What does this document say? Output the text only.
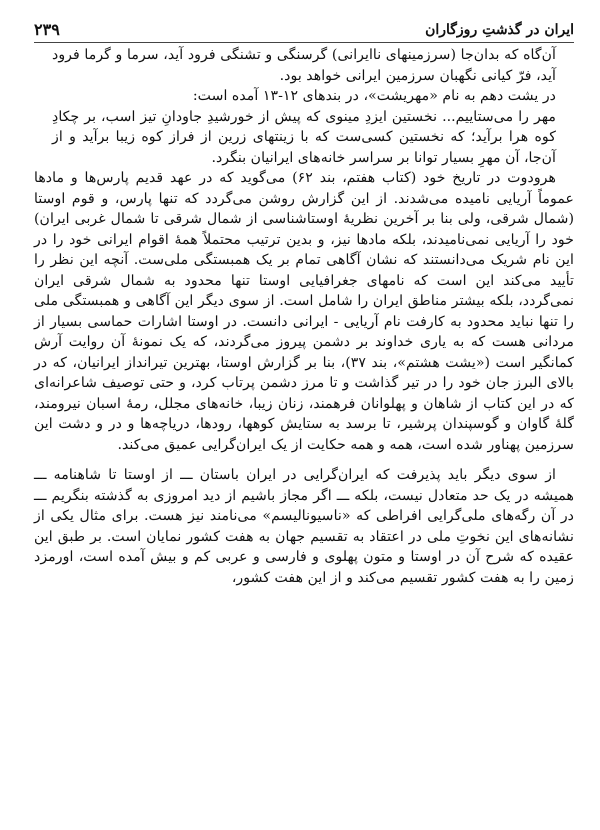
ایران در گذشتِ روزگاران
۲۳۹

آن‌گاه که بدان‌جا (سرزمینهای ناایرانی) گرسنگی و تشنگی فرود آید، سرما و گرما فرود آید، فرّ کیانی نگهبان سرزمین ایرانی خواهد بود.

در یشت دهم به نام «مهریشت»، در بندهای ۱۲-۱۳ آمده است:

مهر را می‌ستاییم... نخستین ایزدِ مینوی که پیش از خورشیدِ جاودانِ تیز اسب، بر چکادِ کوه هرا برآید؛ که نخستین کسی‌ست که با زینتهای زرین از فراز کوه زیبا برآید و از آن‌جا، آن مهرِ بسیار توانا بر سراسر خانه‌های ایرانیان بنگرد.

هرودوت در تاریخ خود (کتاب هفتم، بند ۶۲) می‌گوید که در عهد قدیم پارس‌ها و مادها عموماً آریایی نامیده می‌شدند. از این گزارش روشن می‌گردد که تنها پارس، و قوم اوستا (شمال شرقی، ولی بنا بر آخرین نظریهٔ اوستاشناسی از شمال شرقی تا شمال غربی ایران) خود را آریایی نمی‌نامیدند، بلکه مادها نیز، و بدین ترتیب محتملاً همهٔ اقوام ایرانی خود را در این نام شریک می‌دانستند که نشان آگاهی تمام بر یک همبستگی ملی‌ست. آنچه این نظر را تأیید می‌کند این است که نامهای جغرافیایی اوستا تنها محدود به شمال شرقی ایران نمی‌گردد، بلکه بیشتر مناطق ایران را شامل است. از سوی دیگر این آگاهی و همبستگی ملی را تنها نباید محدود به کارفت نام آریایی - ایرانی دانست. در اوستا اشارات حماسی بسیار از مردانی هست که به یاری خداوند بر دشمن پیروز می‌گردند، که یک نمونهٔ آن روایت آرش کمانگیر است («یشت هشتم»، بند ۳۷)، بنا بر گزارش اوستا، بهترین تیرانداز ایرانیان، که در بالای البرز جان خود را در تیر گذاشت و تا مرز دشمن پرتاب کرد، و حتی توصیف شاعرانه‌ای که در این کتاب از شاهان و پهلوانان فرهمند، زنان زیبا، خانه‌های مجلل، رمهٔ اسبان نیرومند، گلهٔ گاوان و گوسپندان پرشیر، تا برسد به ستایش کوهها، رودها، دریاچه‌ها و در و دشت این سرزمین پهناور شده است، همه و همه حکایت از یک ایران‌گرایی عمیق می‌کند.

از سوی دیگر باید پذیرفت که ایران‌گرایی در ایران باستان ـــ از اوستا تا شاهنامه ـــ همیشه در یک حد متعادل نیست، بلکه ـــ اگر مجاز باشیم از دید امروزی به گذشته بنگریم ـــ در آن رگه‌های ملی‌گرایی افراطی که «ناسیونالیسم» می‌نامند نیز هست. برای مثال یکی از نشانه‌های این نخوتِ ملی در اعتقاد به تقسیم جهان به هفت کشور نمایان است. بر طبق این عقیده که شرح آن در اوستا و متون پهلوی و فارسی و عربی کم و بیش آمده است، اورمزد زمین را به هفت کشور تقسیم می‌کند و از این هفت کشور،
